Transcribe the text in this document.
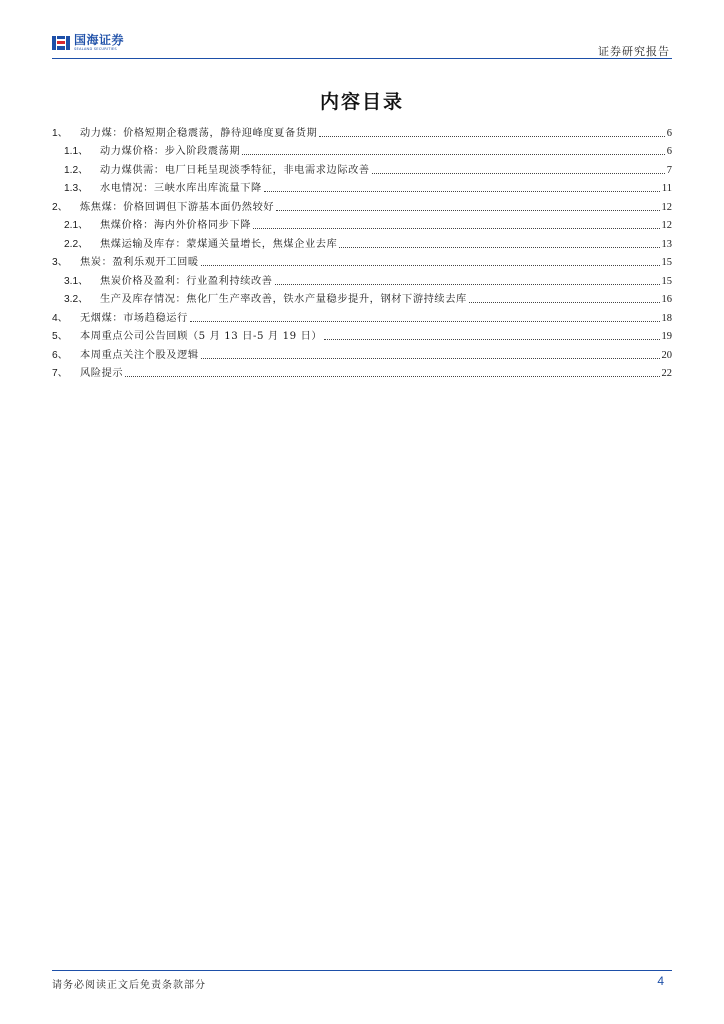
国海证券
SEALAND SECURITIES	证券研究报告
内容目录
1、	动力煤：价格短期企稳震荡，静待迎峰度夏备货期	6
1.1、	动力煤价格：步入阶段震荡期	6
1.2、	动力煤供需：电厂日耗呈现淡季特征，非电需求边际改善	7
1.3、	水电情况：三峡水库出库流量下降	11
2、	炼焦煤：价格回调但下游基本面仍然较好	12
2.1、	焦煤价格：海内外价格同步下降	12
2.2、	焦煤运输及库存：蒙煤通关量增长，焦煤企业去库	13
3、	焦炭：盈利乐观开工回暖	15
3.1、	焦炭价格及盈利：行业盈利持续改善	15
3.2、	生产及库存情况：焦化厂生产率改善，铁水产量稳步提升，钢材下游持续去库	16
4、	无烟煤：市场趋稳运行	18
5、	本周重点公司公告回顾（5 月 13 日-5 月 19 日）	19
6、	本周重点关注个股及逻辑	20
7、	风险提示	22
请务必阅读正文后免责条款部分	4
